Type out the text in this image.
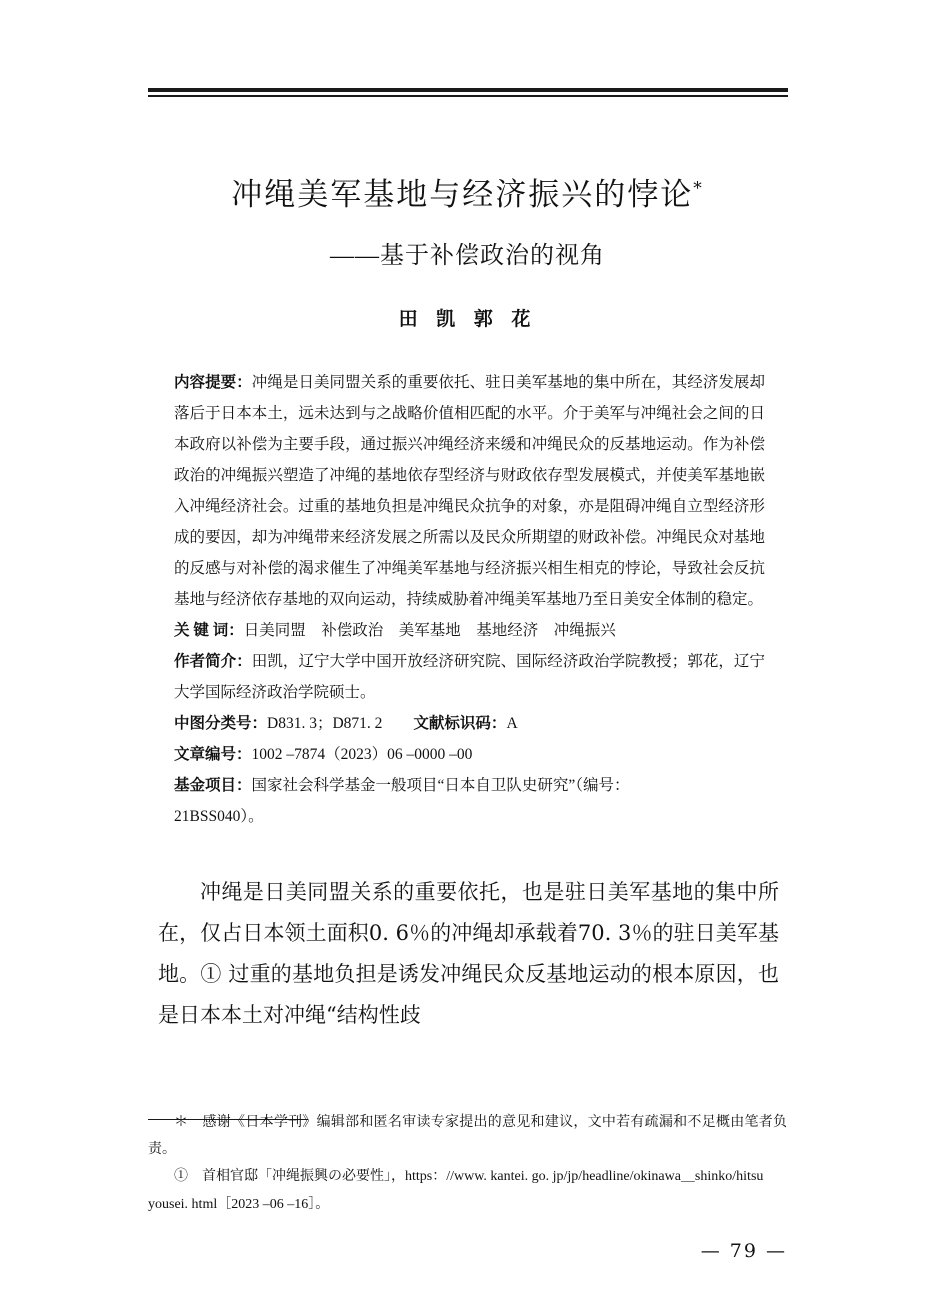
冲绳美军基地与经济振兴的悖论*
——基于补偿政治的视角
田 凯 郭 花

内容提要：冲绳是日美同盟关系的重要依托、驻日美军基地的集中所在，其经济发展却落后于日本本土，远未达到与之战略价值相匹配的水平。介于美军与冲绳社会之间的日本政府以补偿为主要手段，通过振兴冲绳经济来缓和冲绳民众的反基地运动。作为补偿政治的冲绳振兴塑造了冲绳的基地依存型经济与财政依存型发展模式，并使美军基地嵌入冲绳经济社会。过重的基地负担是冲绳民众抗争的对象，亦是阻碍冲绳自立型经济形成的要因，却为冲绳带来经济发展之所需以及民众所期望的财政补偿。冲绳民众对基地的反感与对补偿的渴求催生了冲绳美军基地与经济振兴相生相克的悖论，导致社会反抗基地与经济依存基地的双向运动，持续威胁着冲绳美军基地乃至日美安全体制的稳定。

关 键 词：日美同盟　补偿政治　美军基地　基地经济　冲绳振兴

作者简介：田凯，辽宁大学中国开放经济研究院、国际经济政治学院教授；郭花，辽宁大学国际经济政治学院硕士。

中图分类号：D831. 3；D871. 2　　 文献标识码：A

文章编号：1002 –7874（2023）06 –0000 –00

基金项目：国家社会科学基金一般项目“日本自卫队史研究”（编号：

21BSS040）。

冲绳是日美同盟关系的重要依托，也是驻日美军基地的集中所在，仅占日本领土面积0. 6％的冲绳却承载着70. 3％的驻日美军基地。① 过重的基地负担是诱发冲绳民众反基地运动的根本原因，也是日本本土对冲绳“结构性歧

＊　 感谢《日本学刊》编辑部和匿名审读专家提出的意见和建议，文中若有疏漏和不足概由笔者负责。

①　 首相官邸「冲绳振興の必要性」，https：//www. kantei. go. jp/jp/headline/okinawa＿shinko/hitsu

yousei. html［2023 –06 –16］。

— 79 —
